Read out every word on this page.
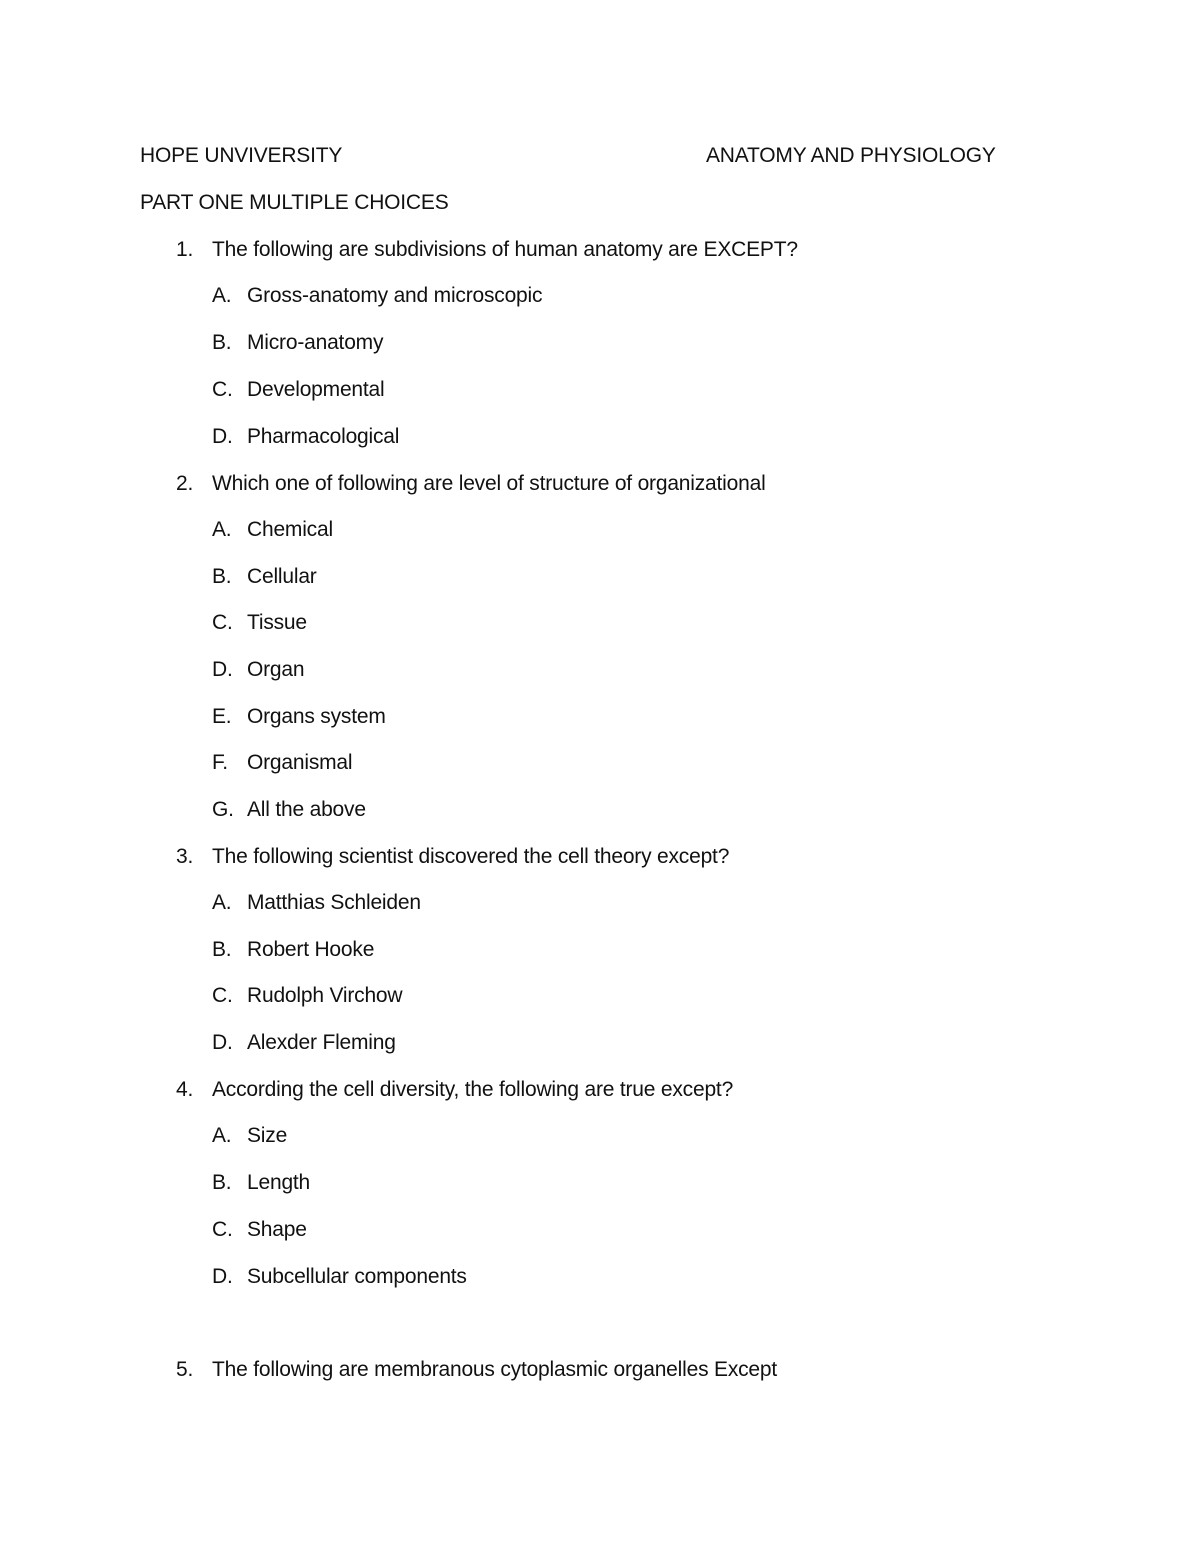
HOPE UNVIVERSITY	ANATOMY AND PHYSIOLOGY
PART ONE MULTIPLE CHOICES
1. The following are subdivisions of human anatomy are EXCEPT?
A. Gross-anatomy and microscopic
B. Micro-anatomy
C. Developmental
D. Pharmacological
2. Which one of following are level of structure of organizational
A. Chemical
B. Cellular
C. Tissue
D. Organ
E. Organs system
F. Organismal
G. All the above
3. The following scientist discovered the cell theory except?
A. Matthias Schleiden
B. Robert Hooke
C. Rudolph Virchow
D. Alexder Fleming
4. According the cell diversity, the following are true except?
A. Size
B. Length
C. Shape
D. Subcellular components
5. The following are membranous cytoplasmic organelles Except
